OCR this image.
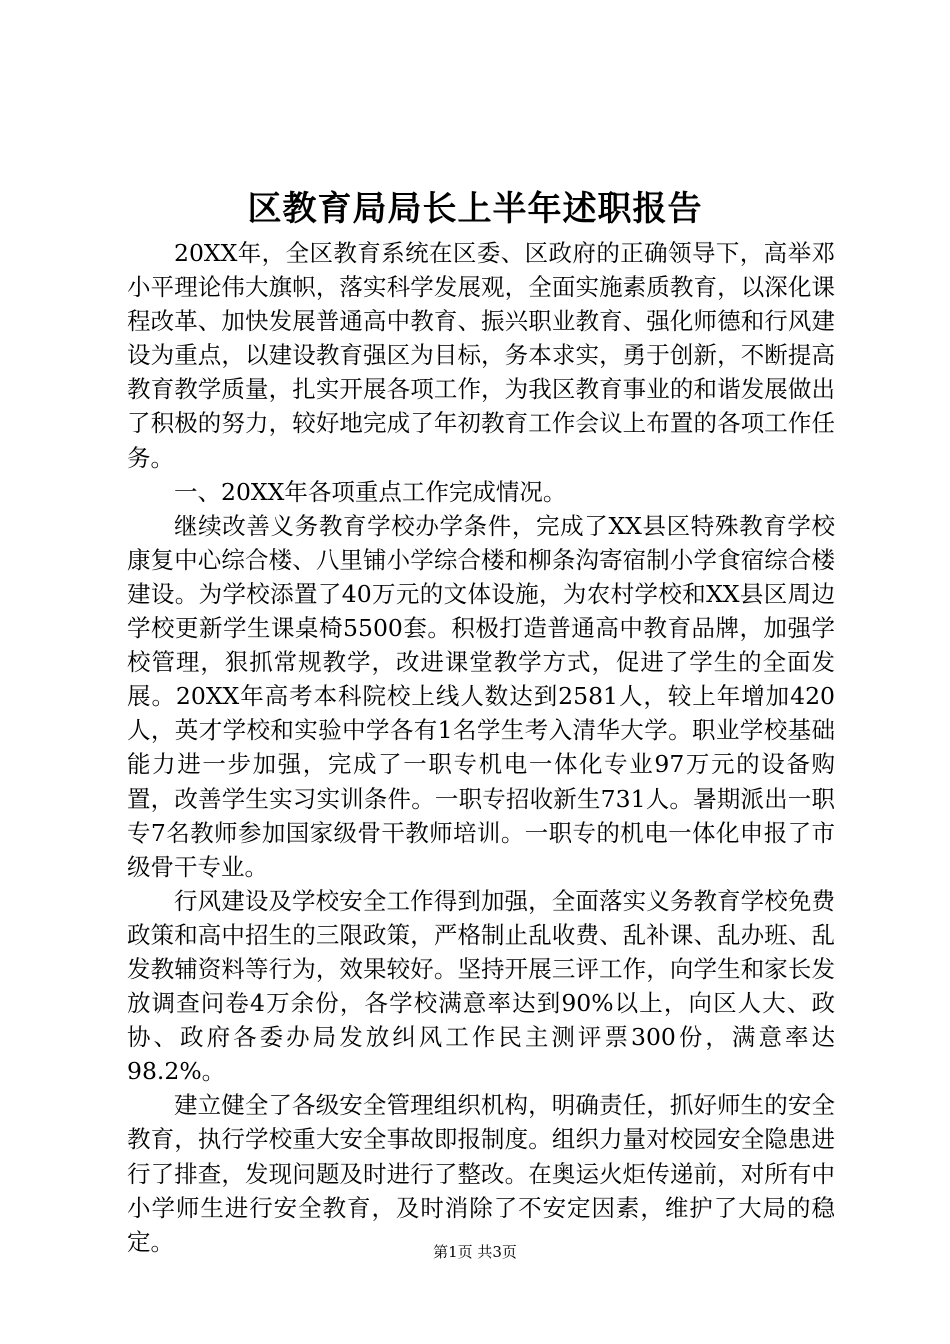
区教育局局长上半年述职报告

20XX年，全区教育系统在区委、区政府的正确领导下，高举邓小平理论伟大旗帜，落实科学发展观，全面实施素质教育，以深化课程改革、加快发展普通高中教育、振兴职业教育、强化师德和行风建设为重点，以建设教育强区为目标，务本求实，勇于创新，不断提高教育教学质量，扎实开展各项工作，为我区教育事业的和谐发展做出了积极的努力，较好地完成了年初教育工作会议上布置的各项工作任务。

一、20XX年各项重点工作完成情况。

继续改善义务教育学校办学条件，完成了XX县区特殊教育学校康复中心综合楼、八里铺小学综合楼和柳条沟寄宿制小学食宿综合楼建设。为学校添置了40万元的文体设施，为农村学校和XX县区周边学校更新学生课桌椅5500套。积极打造普通高中教育品牌，加强学校管理，狠抓常规教学，改进课堂教学方式，促进了学生的全面发展。20XX年高考本科院校上线人数达到2581人，较上年增加420人，英才学校和实验中学各有1名学生考入清华大学。职业学校基础能力进一步加强，完成了一职专机电一体化专业97万元的设备购置，改善学生实习实训条件。一职专招收新生731人。暑期派出一职专7名教师参加国家级骨干教师培训。一职专的机电一体化申报了市级骨干专业。

行风建设及学校安全工作得到加强，全面落实义务教育学校免费政策和高中招生的三限政策，严格制止乱收费、乱补课、乱办班、乱发教辅资料等行为，效果较好。坚持开展三评工作，向学生和家长发放调查问卷4万余份，各学校满意率达到90%以上，向区人大、政协、政府各委办局发放纠风工作民主测评票300份，满意率达98.2%。

建立健全了各级安全管理组织机构，明确责任，抓好师生的安全教育，执行学校重大安全事故即报制度。组织力量对校园安全隐患进行了排查，发现问题及时进行了整改。在奥运火炬传递前，对所有中小学师生进行安全教育，及时消除了不安定因素，维护了大局的稳定。	第1页 共3页
